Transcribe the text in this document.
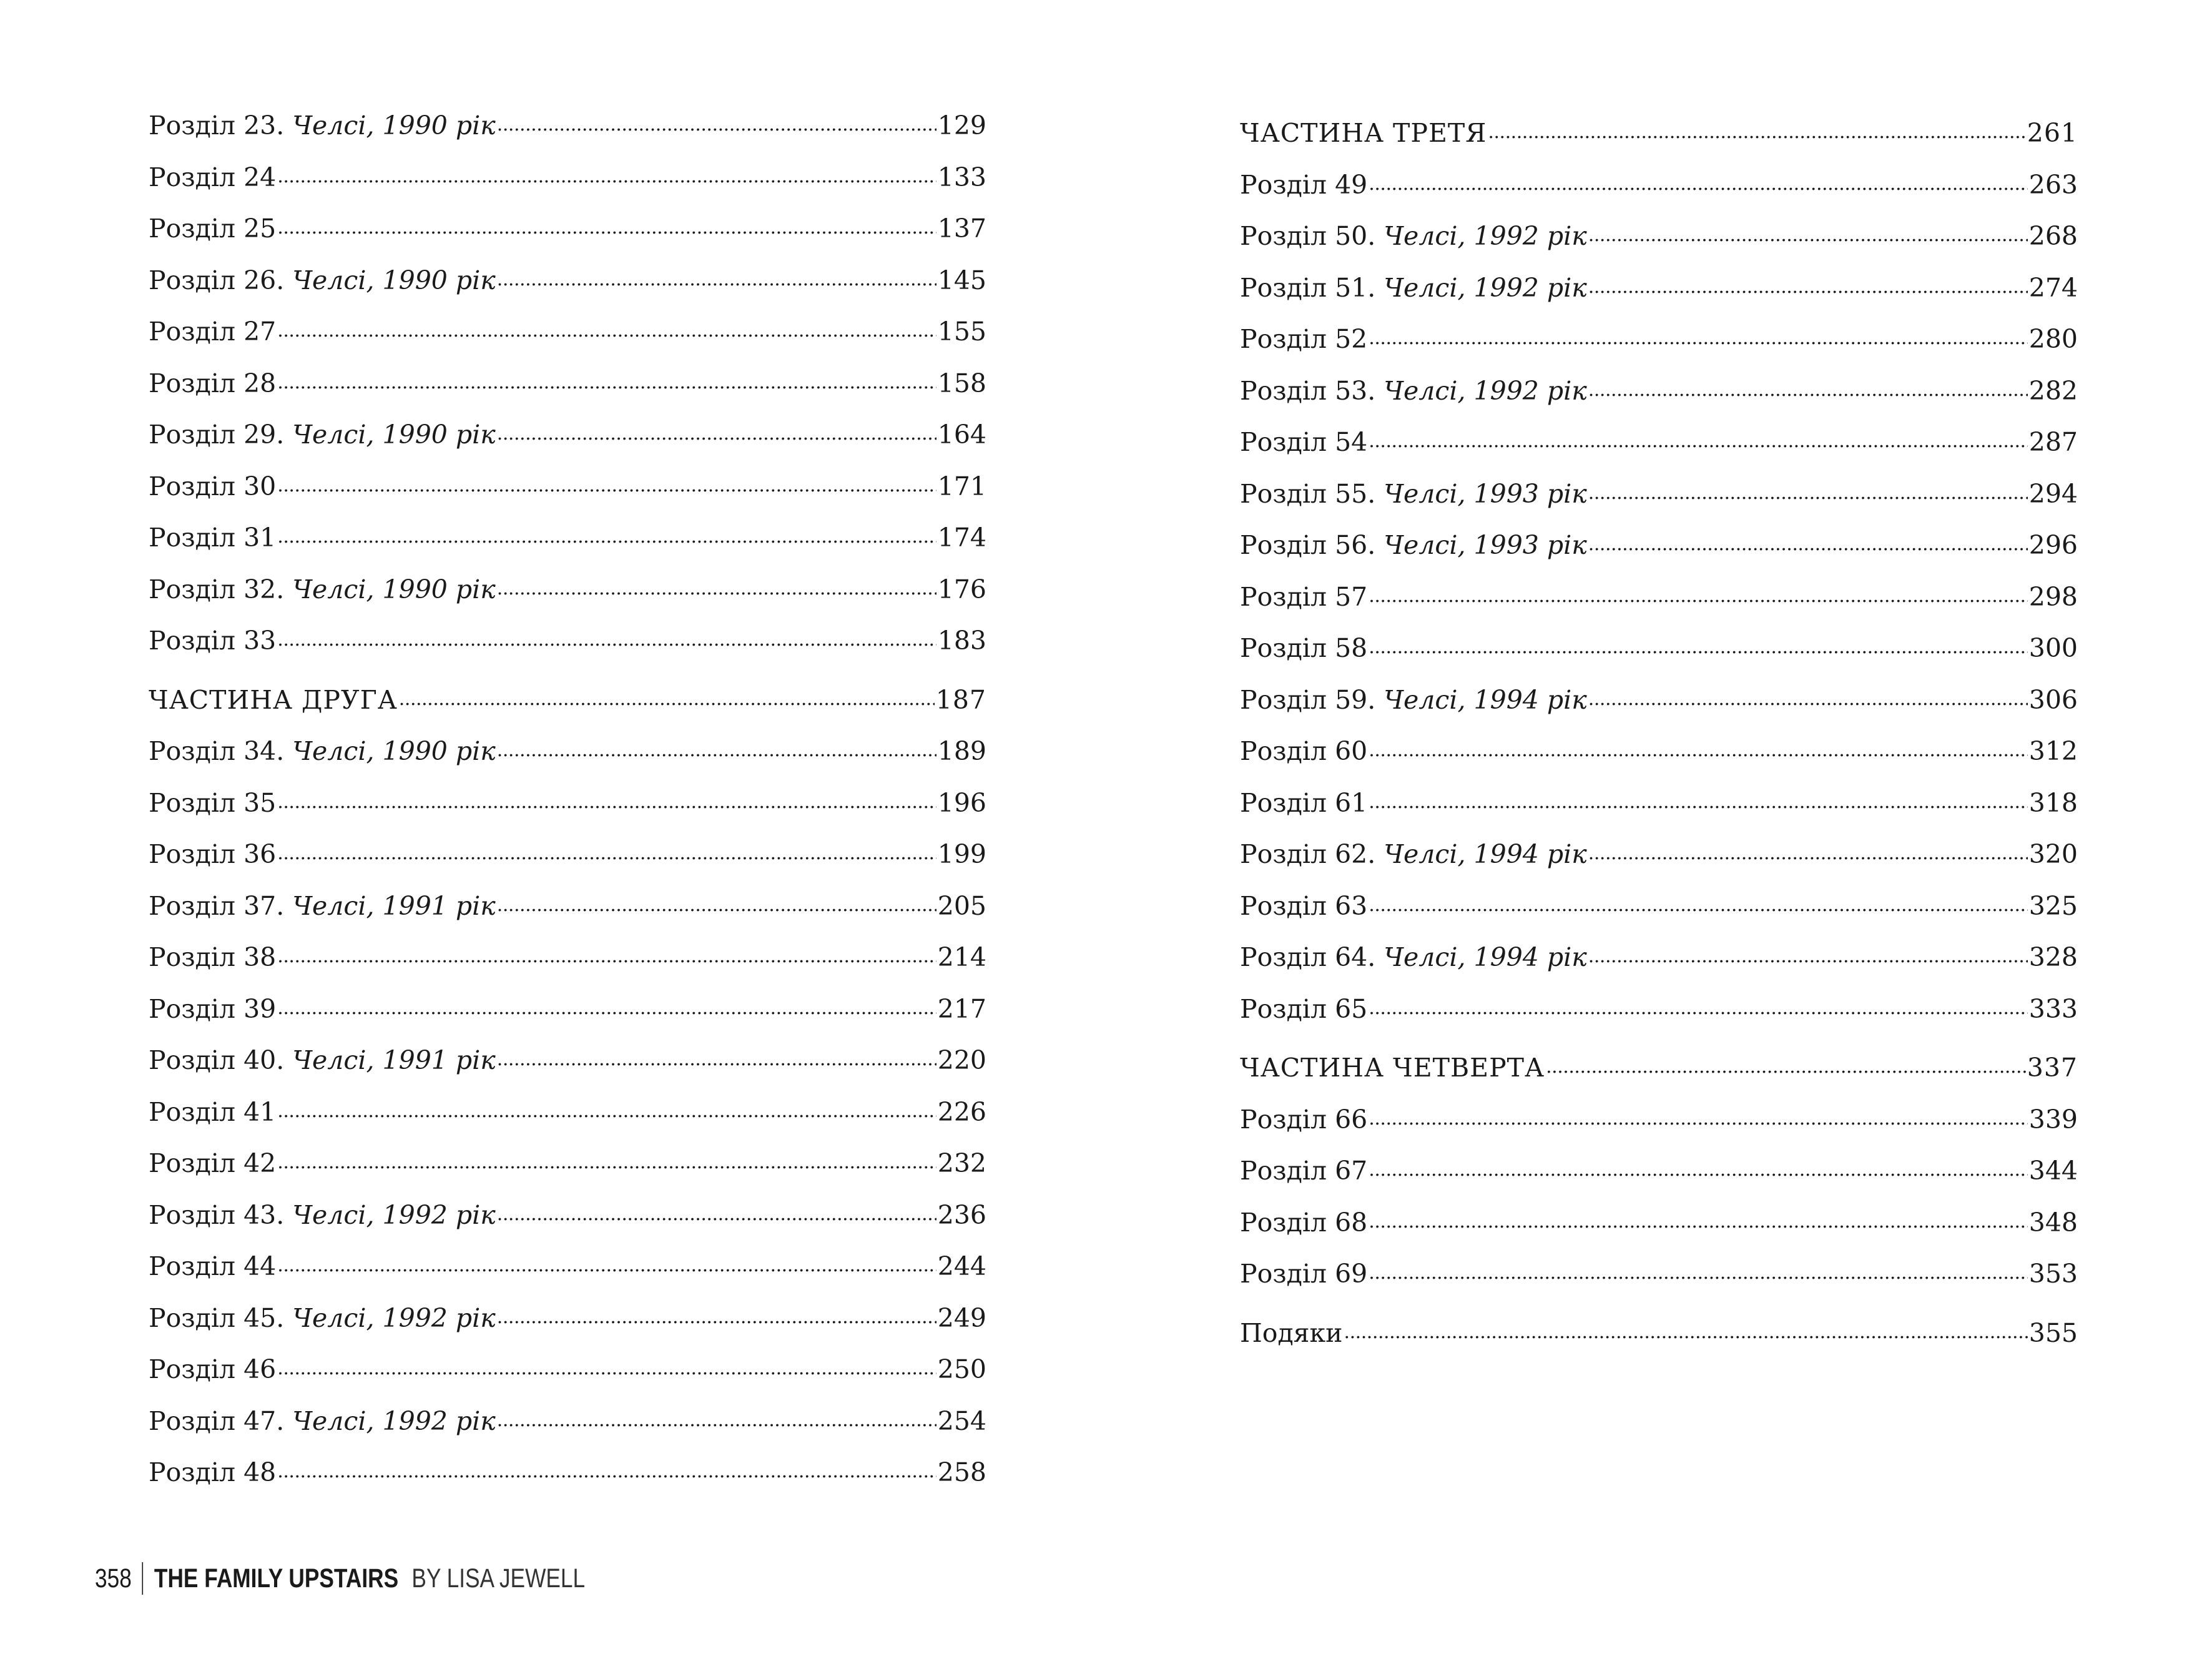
Розділ 23. Челсі, 1990 рік . . .	129
Розділ 24 . . .	133
Розділ 25 . . .	137
Розділ 26. Челсі, 1990 рік . . .	145
Розділ 27 . . .	155
Розділ 28 . . .	158
Розділ 29. Челсі, 1990 рік . . .	164
Розділ 30 . . .	171
Розділ 31 . . .	174
Розділ 32. Челсі, 1990 рік . . .	176
Розділ 33 . . .	183
ЧАСТИНА ДРУГА . . .	187
Розділ 34. Челсі, 1990 рік . . .	189
Розділ 35 . . .	196
Розділ 36 . . .	199
Розділ 37. Челсі, 1991 рік . . .	205
Розділ 38 . . .	214
Розділ 39 . . .	217
Розділ 40. Челсі, 1991 рік . . .	220
Розділ 41 . . .	226
Розділ 42 . . .	232
Розділ 43. Челсі, 1992 рік . . .	236
Розділ 44 . . .	244
Розділ 45. Челсі, 1992 рік . . .	249
Розділ 46 . . .	250
Розділ 47. Челсі, 1992 рік . . .	254
Розділ 48 . . .	258
ЧАСТИНА ТРЕТЯ . . .	261
Розділ 49 . . .	263
Розділ 50. Челсі, 1992 рік . . .	268
Розділ 51. Челсі, 1992 рік . . .	274
Розділ 52 . . .	280
Розділ 53. Челсі, 1992 рік . . .	282
Розділ 54 . . .	287
Розділ 55. Челсі, 1993 рік . . .	294
Розділ 56. Челсі, 1993 рік . . .	296
Розділ 57 . . .	298
Розділ 58 . . .	300
Розділ 59. Челсі, 1994 рік . . .	306
Розділ 60 . . .	312
Розділ 61 . . .	318
Розділ 62. Челсі, 1994 рік . . .	320
Розділ 63 . . .	325
Розділ 64. Челсі, 1994 рік . . .	328
Розділ 65 . . .	333
ЧАСТИНА ЧЕТВЕРТА . . .	337
Розділ 66 . . .	339
Розділ 67 . . .	344
Розділ 68 . . .	348
Розділ 69 . . .	353
Подяки . . .	355
358 THE FAMILY UPSTAIRS BY LISA JEWELL
